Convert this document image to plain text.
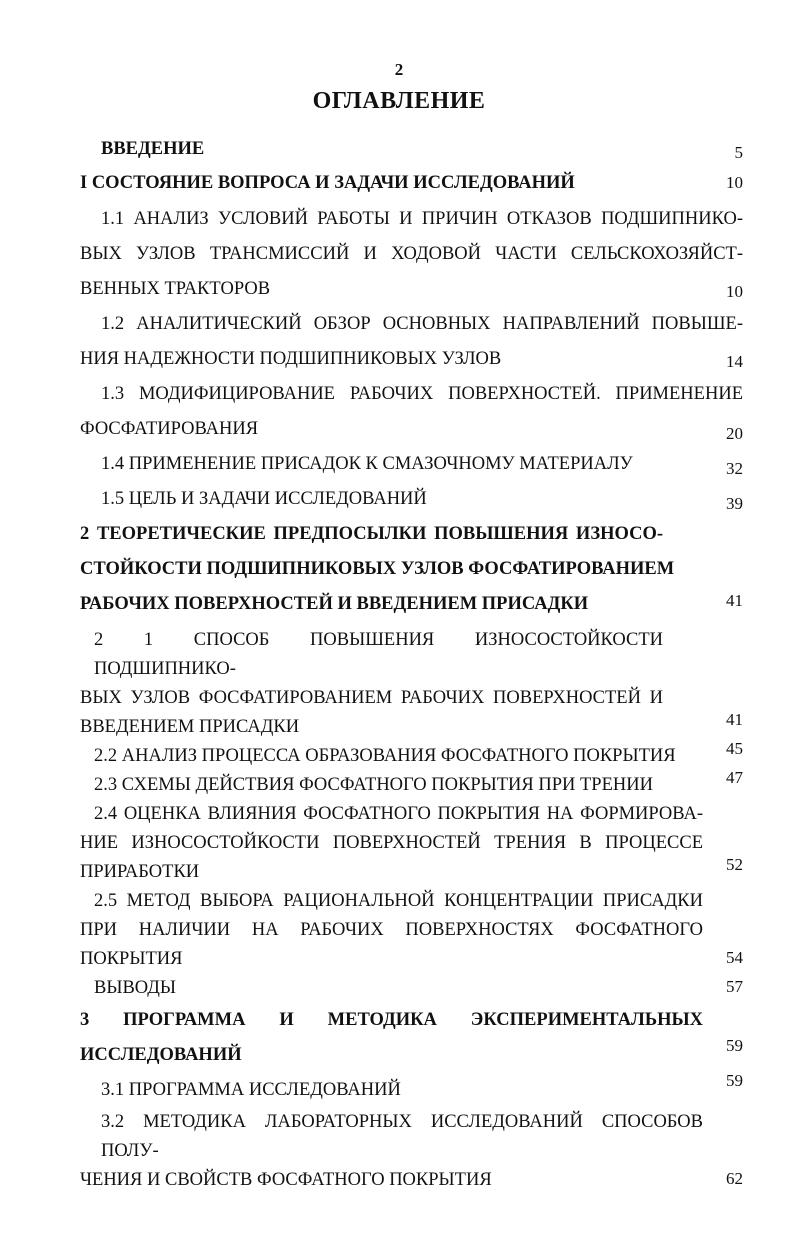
2
ОГЛАВЛЕНИЕ
ВВЕДЕНИЕ	5
I СОСТОЯНИЕ ВОПРОСА И ЗАДАЧИ ИССЛЕДОВАНИЙ	10
1.1 АНАЛИЗ УСЛОВИЙ РАБОТЫ И ПРИЧИН ОТКАЗОВ ПОДШИПНИКО-
ВЫХ УЗЛОВ ТРАНСМИССИЙ И ХОДОВОЙ ЧАСТИ СЕЛЬСКОХОЗЯЙСТ-
ВЕННЫХ ТРАКТОРОВ	10
1.2 АНАЛИТИЧЕСКИЙ ОБЗОР ОСНОВНЫХ НАПРАВЛЕНИЙ ПОВЫШЕ-
НИЯ НАДЕЖНОСТИ ПОДШИПНИКОВЫХ УЗЛОВ	14
1.3 МОДИФИЦИРОВАНИЕ РАБОЧИХ ПОВЕРХНОСТЕЙ. ПРИМЕНЕНИЕ
ФОСФАТИРОВАНИЯ	20
1.4 ПРИМЕНЕНИЕ ПРИСАДОК К СМАЗОЧНОМУ МАТЕРИАЛУ	32
1.5 ЦЕЛЬ И ЗАДАЧИ ИССЛЕДОВАНИЙ	39
2 ТЕОРЕТИЧЕСКИЕ ПРЕДПОСЫЛКИ ПОВЫШЕНИЯ ИЗНОСО-
СТОЙКОСТИ ПОДШИПНИКОВЫХ УЗЛОВ ФОСФАТИРОВАНИЕМ
РАБОЧИХ ПОВЕРХНОСТЕЙ И ВВЕДЕНИЕМ ПРИСАДКИ	41
2 1 СПОСОБ ПОВЫШЕНИЯ ИЗНОСОСТОЙКОСТИ ПОДШИПНИКО-
ВЫХ УЗЛОВ ФОСФАТИРОВАНИЕМ РАБОЧИХ ПОВЕРХНОСТЕЙ И
ВВЕДЕНИЕМ ПРИСАДКИ	41
2.2 АНАЛИЗ ПРОЦЕССА ОБРАЗОВАНИЯ ФОСФАТНОГО ПОКРЫТИЯ	45
2.3 СХЕМЫ ДЕЙСТВИЯ ФОСФАТНОГО ПОКРЫТИЯ ПРИ ТРЕНИИ	47
2.4 ОЦЕНКА ВЛИЯНИЯ ФОСФАТНОГО ПОКРЫТИЯ НА ФОРМИРОВА-
НИЕ ИЗНОСОСТОЙКОСТИ ПОВЕРХНОСТЕЙ ТРЕНИЯ В ПРОЦЕССЕ
ПРИРАБОТКИ	52
2.5 МЕТОД ВЫБОРА РАЦИОНАЛЬНОЙ КОНЦЕНТРАЦИИ ПРИСАДКИ
ПРИ НАЛИЧИИ НА РАБОЧИХ ПОВЕРХНОСТЯХ ФОСФАТНОГО
ПОКРЫТИЯ	54
ВЫВОДЫ	57
3 ПРОГРАММА И МЕТОДИКА ЭКСПЕРИМЕНТАЛЬНЫХ
ИССЛЕДОВАНИЙ	59
3.1 ПРОГРАММА ИССЛЕДОВАНИЙ	59
3.2 МЕТОДИКА ЛАБОРАТОРНЫХ ИССЛЕДОВАНИЙ СПОСОБОВ ПОЛУ-
ЧЕНИЯ И СВОЙСТВ ФОСФАТНОГО ПОКРЫТИЯ	62
